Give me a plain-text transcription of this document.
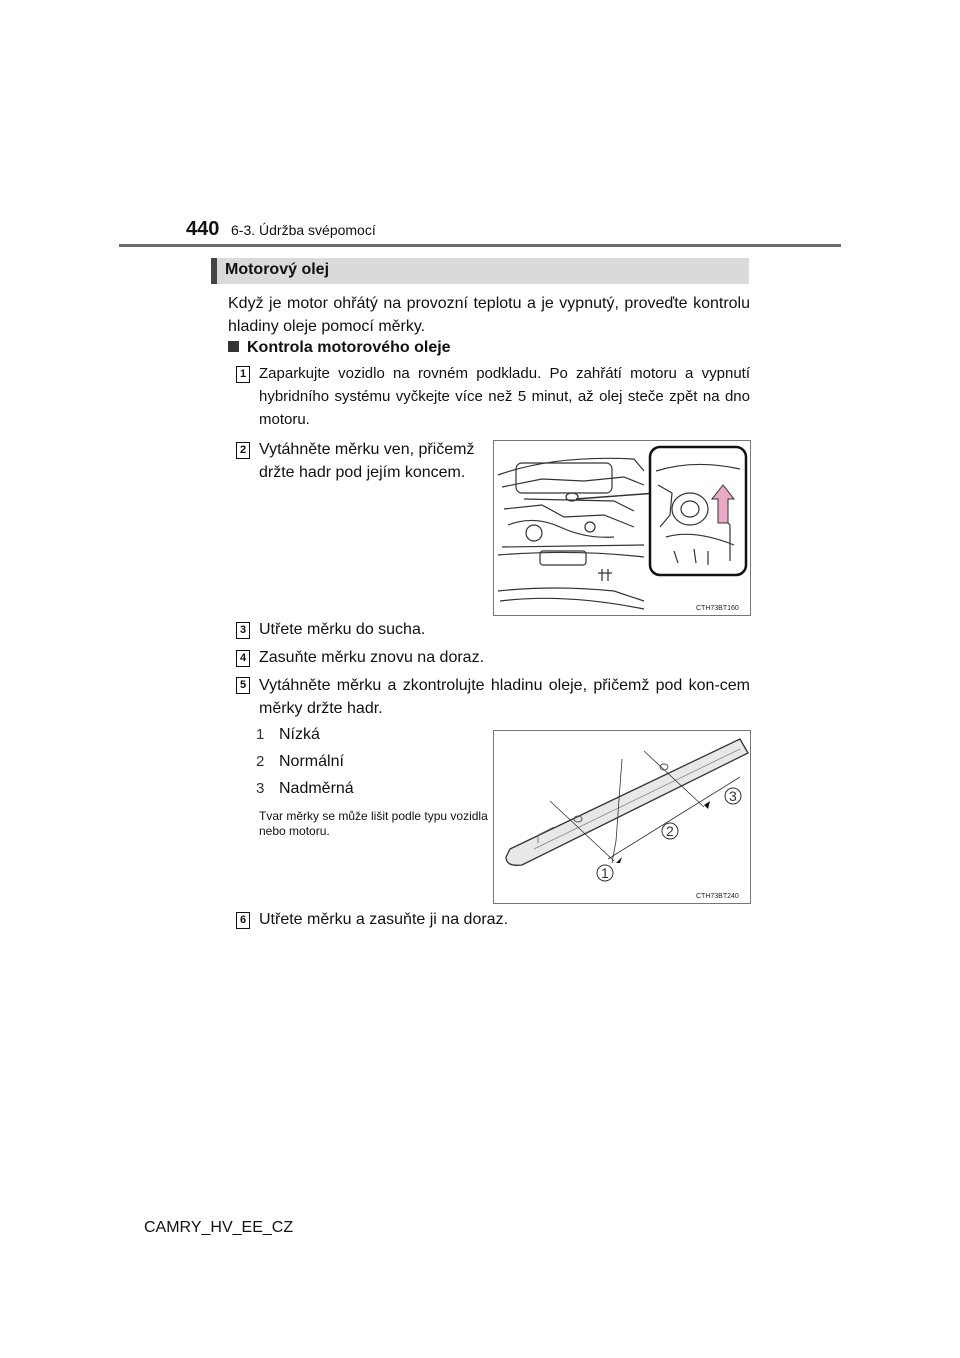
440 6-3. Údržba svépomocí
Motorový olej
Když je motor ohřátý na provozní teplotu a je vypnutý, proveďte kontrolu hladiny oleje pomocí měrky.
Kontrola motorového oleje
1 Zaparkujte vozidlo na rovném podkladu. Po zahřátí motoru a vypnutí hybridního systému vyčkejte více než 5 minut, až olej steče zpět na dno motoru.
2 Vytáhněte měrku ven, přičemž držte hadr pod jejím koncem.
CTH73BT160
3 Utřete měrku do sucha.
4 Zasuňte měrku znovu na doraz.
5 Vytáhněte měrku a zkontrolujte hladinu oleje, přičemž pod kon-cem měrky držte hadr.
1 Nízká
2 Normální
3 Nadměrná
Tvar měrky se může lišit podle typu vozidla nebo motoru.
1
2
3
CTH73BT240
6 Utřete měrku a zasuňte ji na doraz.
CAMRY_HV_EE_CZ
